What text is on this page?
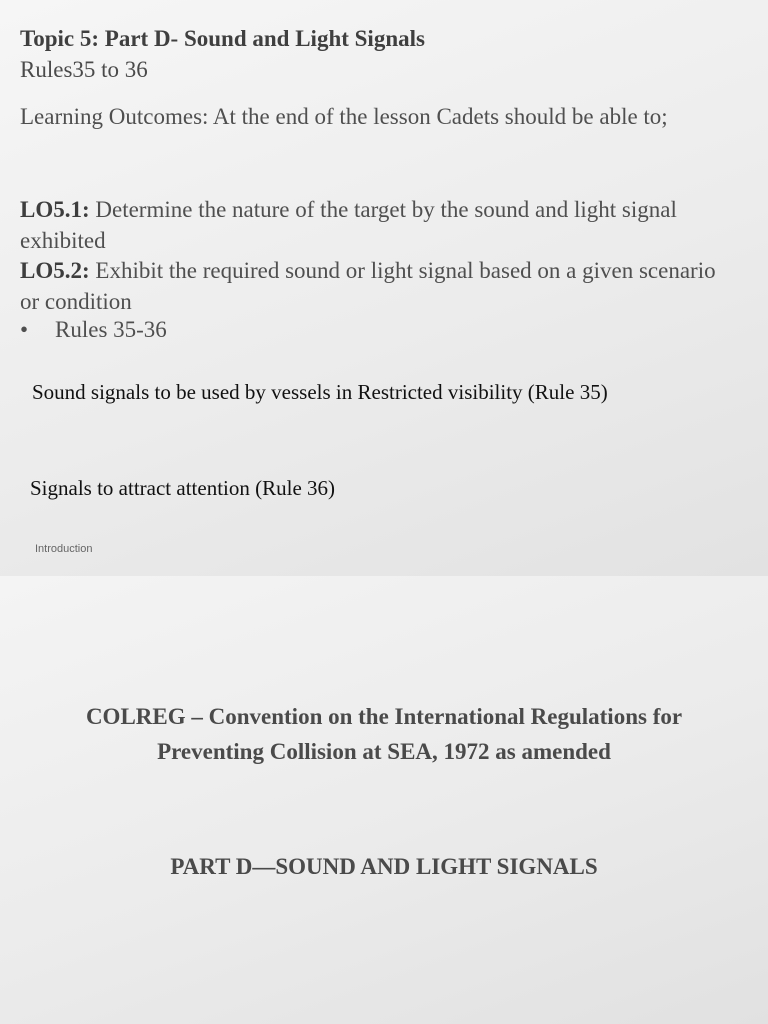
Topic 5: Part D- Sound and Light Signals
Rules35 to 36
Learning Outcomes: At the end of the lesson Cadets should be able to;
LO5.1: Determine the nature of the target by the sound and light signal exhibited
LO5.2: Exhibit the required sound or light signal based on a given scenario or condition
• Rules 35-36
Sound signals to be used by vessels in Restricted visibility (Rule 35)
Signals to attract attention (Rule 36)
Introduction
COLREG – Convention on the International Regulations for Preventing Collision at SEA, 1972 as amended
PART D—SOUND AND LIGHT SIGNALS
